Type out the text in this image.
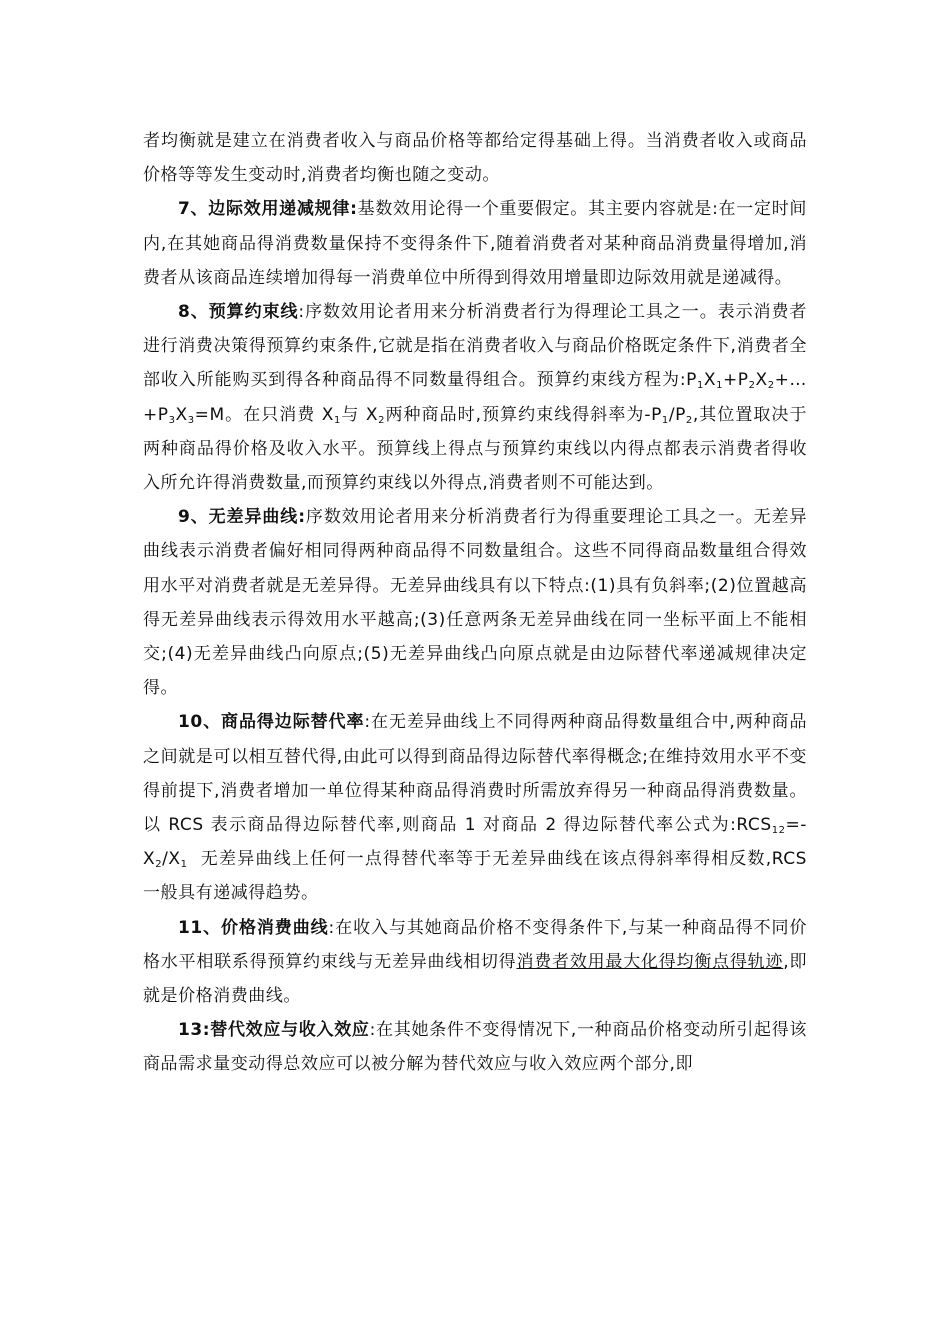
者均衡就是建立在消费者收入与商品价格等都给定得基础上得。当消费者收入或商品价格等等发生变动时,消费者均衡也随之变动。

7、边际效用递减规律:基数效用论得一个重要假定。其主要内容就是:在一定时间内,在其她商品得消费数量保持不变得条件下,随着消费者对某种商品消费量得增加,消费者从该商品连续增加得每一消费单位中所得到得效用增量即边际效用就是递减得。

8、预算约束线:序数效用论者用来分析消费者行为得理论工具之一。表示消费者进行消费决策得预算约束条件,它就是指在消费者收入与商品价格既定条件下,消费者全部收入所能购买到得各种商品得不同数量得组合。预算约束线方程为$:P_1X_1+P_2X_2+\dots+P_3X_3=M$。在只消费 $X_1$与 $X_2$两种商品时,预算约束线得斜率为$-P_1/P_2$,其位置取决于两种商品得价格及收入水平。预算线上得点与预算约束线以内得点都表示消费者得收入所允许得消费数量,而预算约束线以外得点,消费者则不可能达到。

9、无差异曲线:序数效用论者用来分析消费者行为得重要理论工具之一。无差异曲线表示消费者偏好相同得两种商品得不同数量组合。这些不同得商品数量组合得效用水平对消费者就是无差异得。无差异曲线具有以下特点:(1)具有负斜率;(2)位置越高得无差异曲线表示得效用水平越高;(3)任意两条无差异曲线在同一坐标平面上不能相交;(4)无差异曲线凸向原点;(5)无差异曲线凸向原点就是由边际替代率递减规律决定得。

10、商品得边际替代率:在无差异曲线上不同得两种商品得数量组合中,两种商品之间就是可以相互替代得,由此可以得到商品得边际替代率得概念;在维持效用水平不变得前提下,消费者增加一单位得某种商品得消费时所需放弃得另一种商品得消费数量。以 RCS 表示商品得边际替代率,则商品 1 对商品 2 得边际替代率公式为$:RCS_{12}=-X_2/X_1$  无差异曲线上任何一点得替代率等于无差异曲线在该点得斜率得相反数,RCS 一般具有递减得趋势。

11、价格消费曲线:在收入与其她商品价格不变得条件下,与某一种商品得不同价格水平相联系得预算约束线与无差异曲线相切得消费者效用最大化得均衡点得轨迹,即就是价格消费曲线。

13:替代效应与收入效应:在其她条件不变得情况下,一种商品价格变动所引起得该商品需求量变动得总效应可以被分解为替代效应与收入效应两个部分,即
